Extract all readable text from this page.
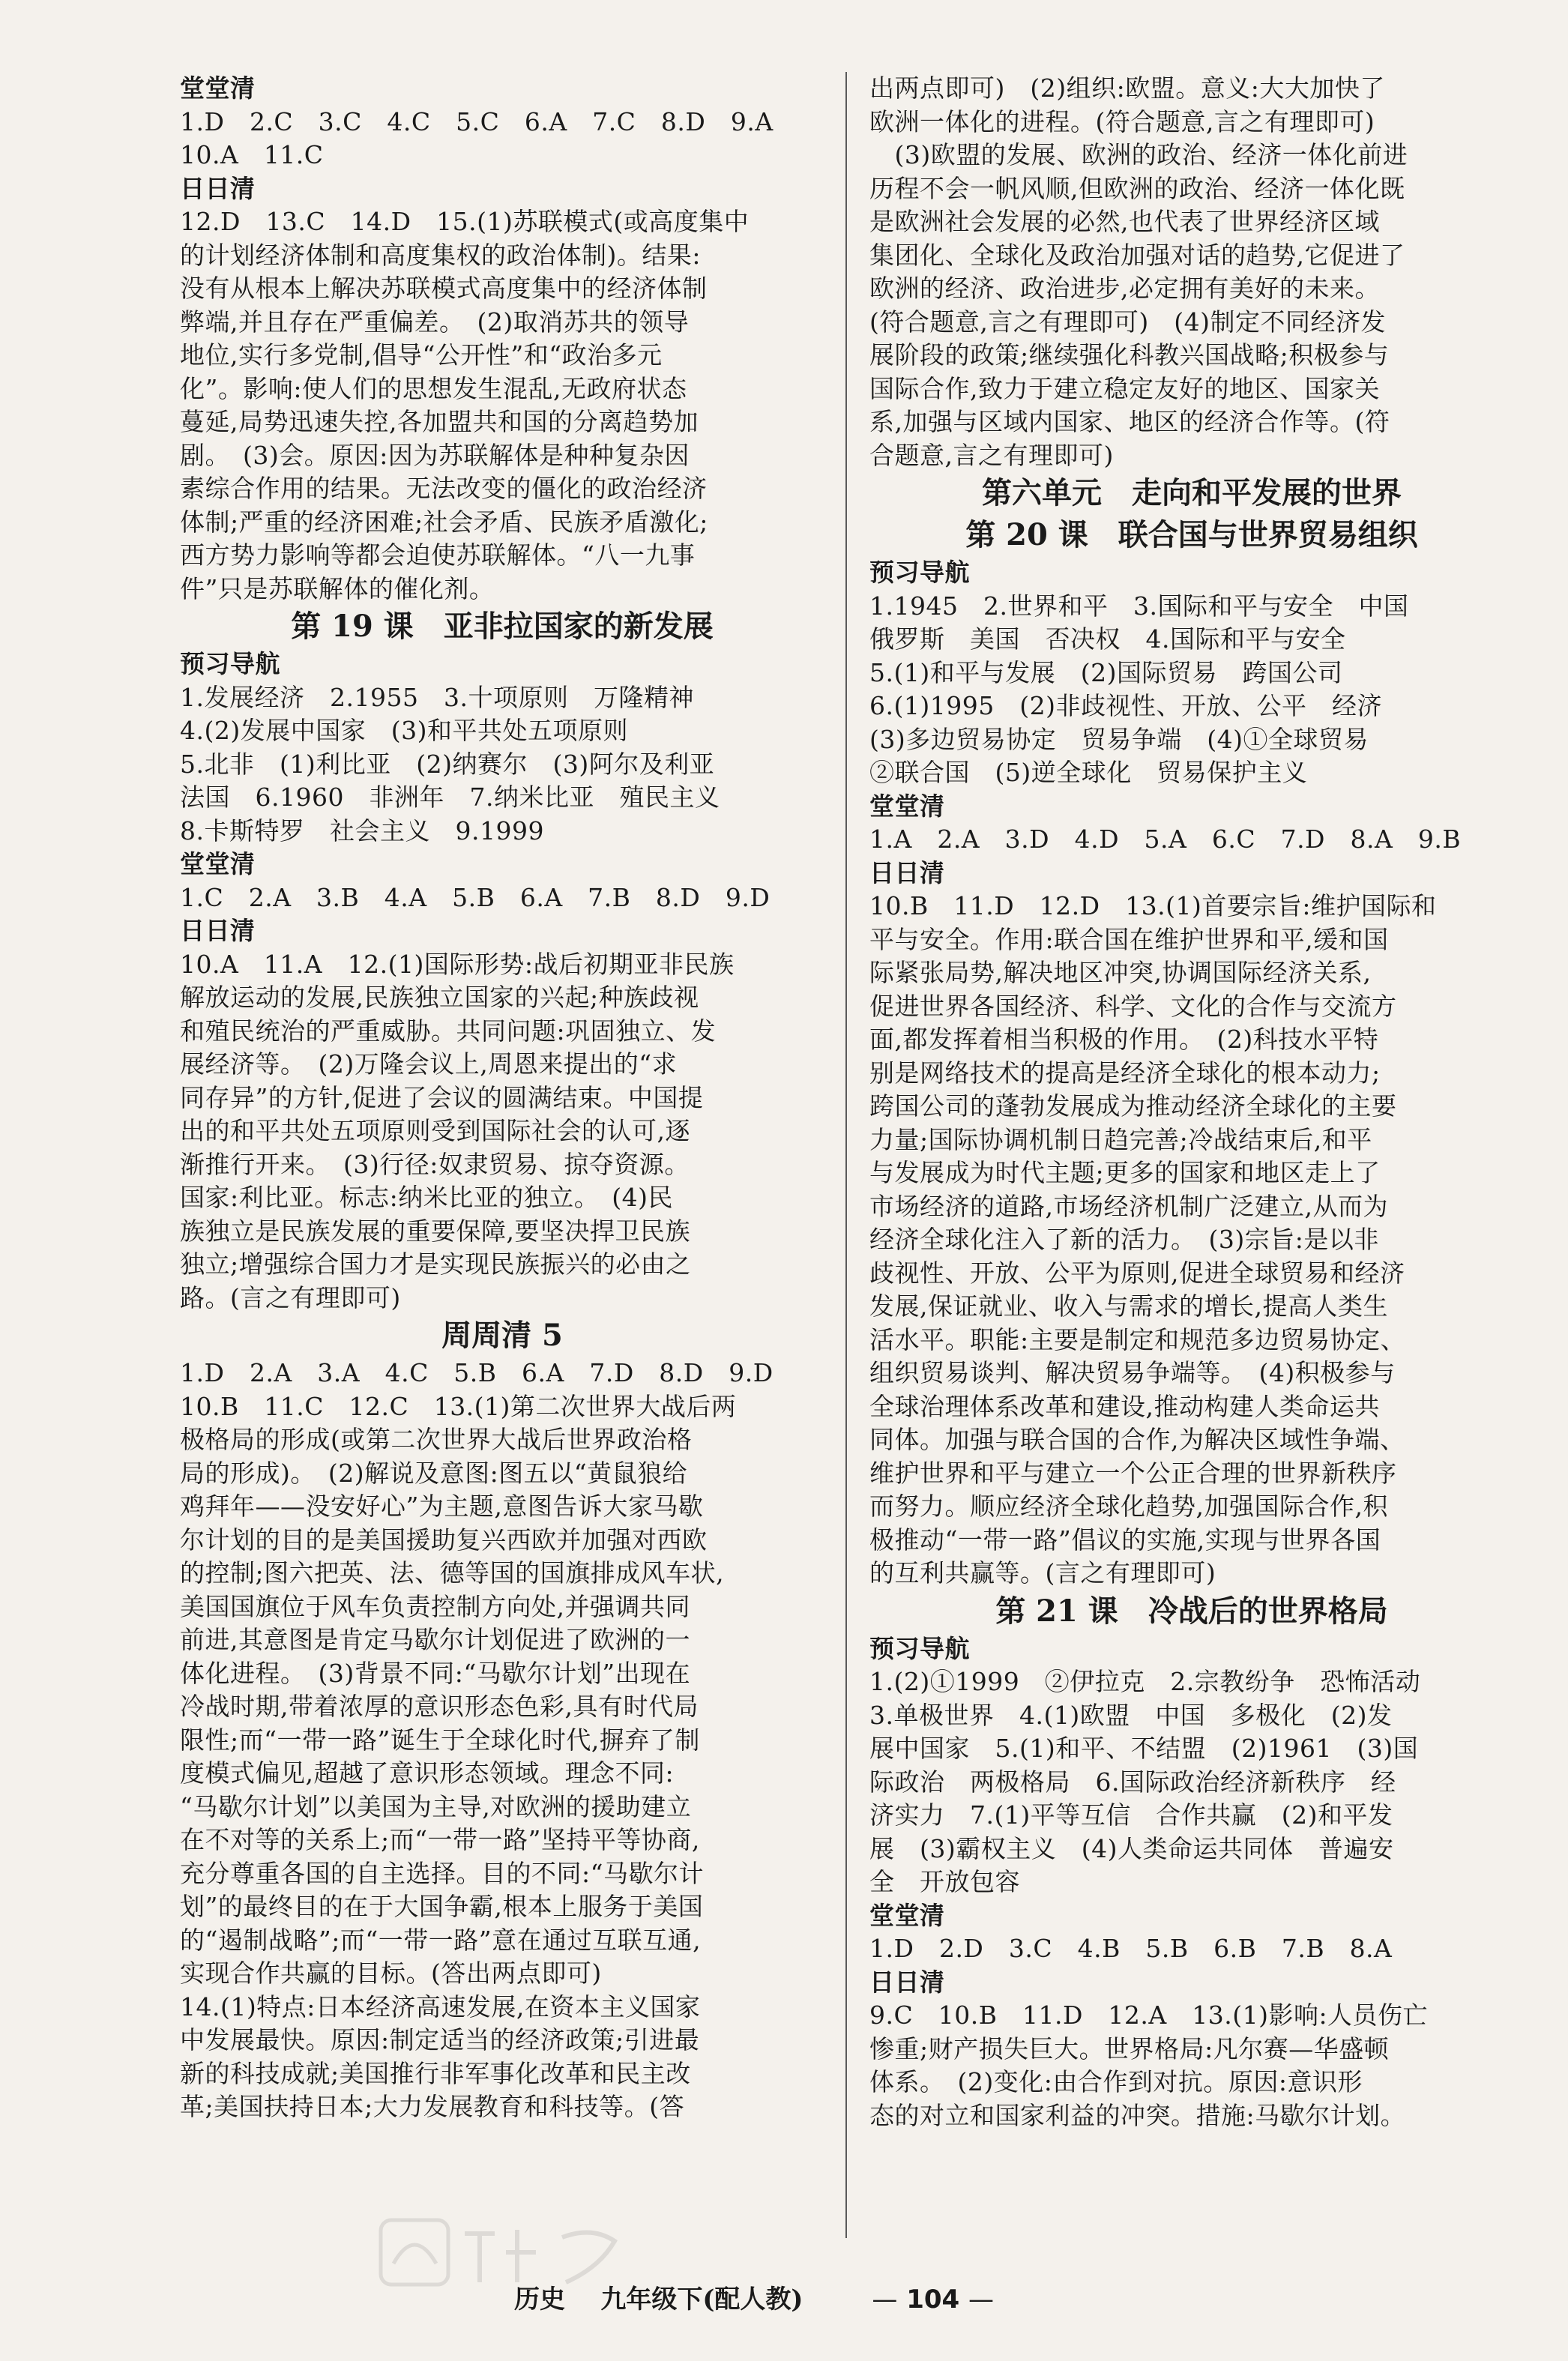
堂堂清
1.D　2.C　3.C　4.C　5.C　6.A　7.C　8.D　9.A
10.A　11.C
日日清
12.D　13.C　14.D　15.(1)苏联模式(或高度集中
的计划经济体制和高度集权的政治体制)。结果:
没有从根本上解决苏联模式高度集中的经济体制
弊端,并且存在严重偏差。　(2)取消苏共的领导
地位,实行多党制,倡导“公开性”和“政治多元
化”。影响:使人们的思想发生混乱,无政府状态
蔓延,局势迅速失控,各加盟共和国的分离趋势加
剧。　(3)会。原因:因为苏联解体是种种复杂因
素综合作用的结果。无法改变的僵化的政治经济
体制;严重的经济困难;社会矛盾、民族矛盾激化;
西方势力影响等都会迫使苏联解体。“八一九事
件”只是苏联解体的催化剂。
第 19 课　亚非拉国家的新发展
预习导航
1.发展经济　2.1955　3.十项原则　万隆精神
4.(2)发展中国家　(3)和平共处五项原则
5.北非　(1)利比亚　(2)纳赛尔　(3)阿尔及利亚
法国　6.1960　非洲年　7.纳米比亚　殖民主义
8.卡斯特罗　社会主义　9.1999
堂堂清
1.C　2.A　3.B　4.A　5.B　6.A　7.B　8.D　9.D
日日清
10.A　11.A　12.(1)国际形势:战后初期亚非民族
解放运动的发展,民族独立国家的兴起;种族歧视
和殖民统治的严重威胁。共同问题:巩固独立、发
展经济等。　(2)万隆会议上,周恩来提出的“求
同存异”的方针,促进了会议的圆满结束。中国提
出的和平共处五项原则受到国际社会的认可,逐
渐推行开来。　(3)行径:奴隶贸易、掠夺资源。
国家:利比亚。标志:纳米比亚的独立。　(4)民
族独立是民族发展的重要保障,要坚决捍卫民族
独立;增强综合国力才是实现民族振兴的必由之
路。(言之有理即可)
周周清 5
1.D　2.A　3.A　4.C　5.B　6.A　7.D　8.D　9.D
10.B　11.C　12.C　13.(1)第二次世界大战后两
极格局的形成(或第二次世界大战后世界政治格
局的形成)。　(2)解说及意图:图五以“黄鼠狼给
鸡拜年——没安好心”为主题,意图告诉大家马歇
尔计划的目的是美国援助复兴西欧并加强对西欧
的控制;图六把英、法、德等国的国旗排成风车状,
美国国旗位于风车负责控制方向处,并强调共同
前进,其意图是肯定马歇尔计划促进了欧洲的一
体化进程。　(3)背景不同:“马歇尔计划”出现在
冷战时期,带着浓厚的意识形态色彩,具有时代局
限性;而“一带一路”诞生于全球化时代,摒弃了制
度模式偏见,超越了意识形态领域。理念不同:
“马歇尔计划”以美国为主导,对欧洲的援助建立
在不对等的关系上;而“一带一路”坚持平等协商,
充分尊重各国的自主选择。目的不同:“马歇尔计
划”的最终目的在于大国争霸,根本上服务于美国
的“遏制战略”;而“一带一路”意在通过互联互通,
实现合作共赢的目标。(答出两点即可)
14.(1)特点:日本经济高速发展,在资本主义国家
中发展最快。原因:制定适当的经济政策;引进最
新的科技成就;美国推行非军事化改革和民主改
革;美国扶持日本;大力发展教育和科技等。(答
出两点即可)　(2)组织:欧盟。意义:大大加快了
欧洲一体化的进程。(符合题意,言之有理即可)
　(3)欧盟的发展、欧洲的政治、经济一体化前进
历程不会一帆风顺,但欧洲的政治、经济一体化既
是欧洲社会发展的必然,也代表了世界经济区域
集团化、全球化及政治加强对话的趋势,它促进了
欧洲的经济、政治进步,必定拥有美好的未来。
(符合题意,言之有理即可)　(4)制定不同经济发
展阶段的政策;继续强化科教兴国战略;积极参与
国际合作,致力于建立稳定友好的地区、国家关
系,加强与区域内国家、地区的经济合作等。(符
合题意,言之有理即可)
第六单元　走向和平发展的世界
第 20 课　联合国与世界贸易组织
预习导航
1.1945　2.世界和平　3.国际和平与安全　中国
俄罗斯　美国　否决权　4.国际和平与安全
5.(1)和平与发展　(2)国际贸易　跨国公司
6.(1)1995　(2)非歧视性、开放、公平　经济
(3)多边贸易协定　贸易争端　(4)①全球贸易
②联合国　(5)逆全球化　贸易保护主义
堂堂清
1.A　2.A　3.D　4.D　5.A　6.C　7.D　8.A　9.B
日日清
10.B　11.D　12.D　13.(1)首要宗旨:维护国际和
平与安全。作用:联合国在维护世界和平,缓和国
际紧张局势,解决地区冲突,协调国际经济关系,
促进世界各国经济、科学、文化的合作与交流方
面,都发挥着相当积极的作用。　(2)科技水平特
别是网络技术的提高是经济全球化的根本动力;
跨国公司的蓬勃发展成为推动经济全球化的主要
力量;国际协调机制日趋完善;冷战结束后,和平
与发展成为时代主题;更多的国家和地区走上了
市场经济的道路,市场经济机制广泛建立,从而为
经济全球化注入了新的活力。　(3)宗旨:是以非
歧视性、开放、公平为原则,促进全球贸易和经济
发展,保证就业、收入与需求的增长,提高人类生
活水平。职能:主要是制定和规范多边贸易协定、
组织贸易谈判、解决贸易争端等。　(4)积极参与
全球治理体系改革和建设,推动构建人类命运共
同体。加强与联合国的合作,为解决区域性争端、
维护世界和平与建立一个公正合理的世界新秩序
而努力。顺应经济全球化趋势,加强国际合作,积
极推动“一带一路”倡议的实施,实现与世界各国
的互利共赢等。(言之有理即可)
第 21 课　冷战后的世界格局
预习导航
1.(2)①1999　②伊拉克　2.宗教纷争　恐怖活动
3.单极世界　4.(1)欧盟　中国　多极化　(2)发
展中国家　5.(1)和平、不结盟　(2)1961　(3)国
际政治　两极格局　6.国际政治经济新秩序　经
济实力　7.(1)平等互信　合作共赢　(2)和平发
展　(3)霸权主义　(4)人类命运共同体　普遍安
全　开放包容
堂堂清
1.D　2.D　3.C　4.B　5.B　6.B　7.B　8.A
日日清
9.C　10.B　11.D　12.A　13.(1)影响:人员伤亡
惨重;财产损失巨大。世界格局:凡尔赛—华盛顿
体系。　(2)变化:由合作到对抗。原因:意识形
态的对立和国家利益的冲突。措施:马歇尔计划。
历史 九年级下(配人教)	— 104 —
